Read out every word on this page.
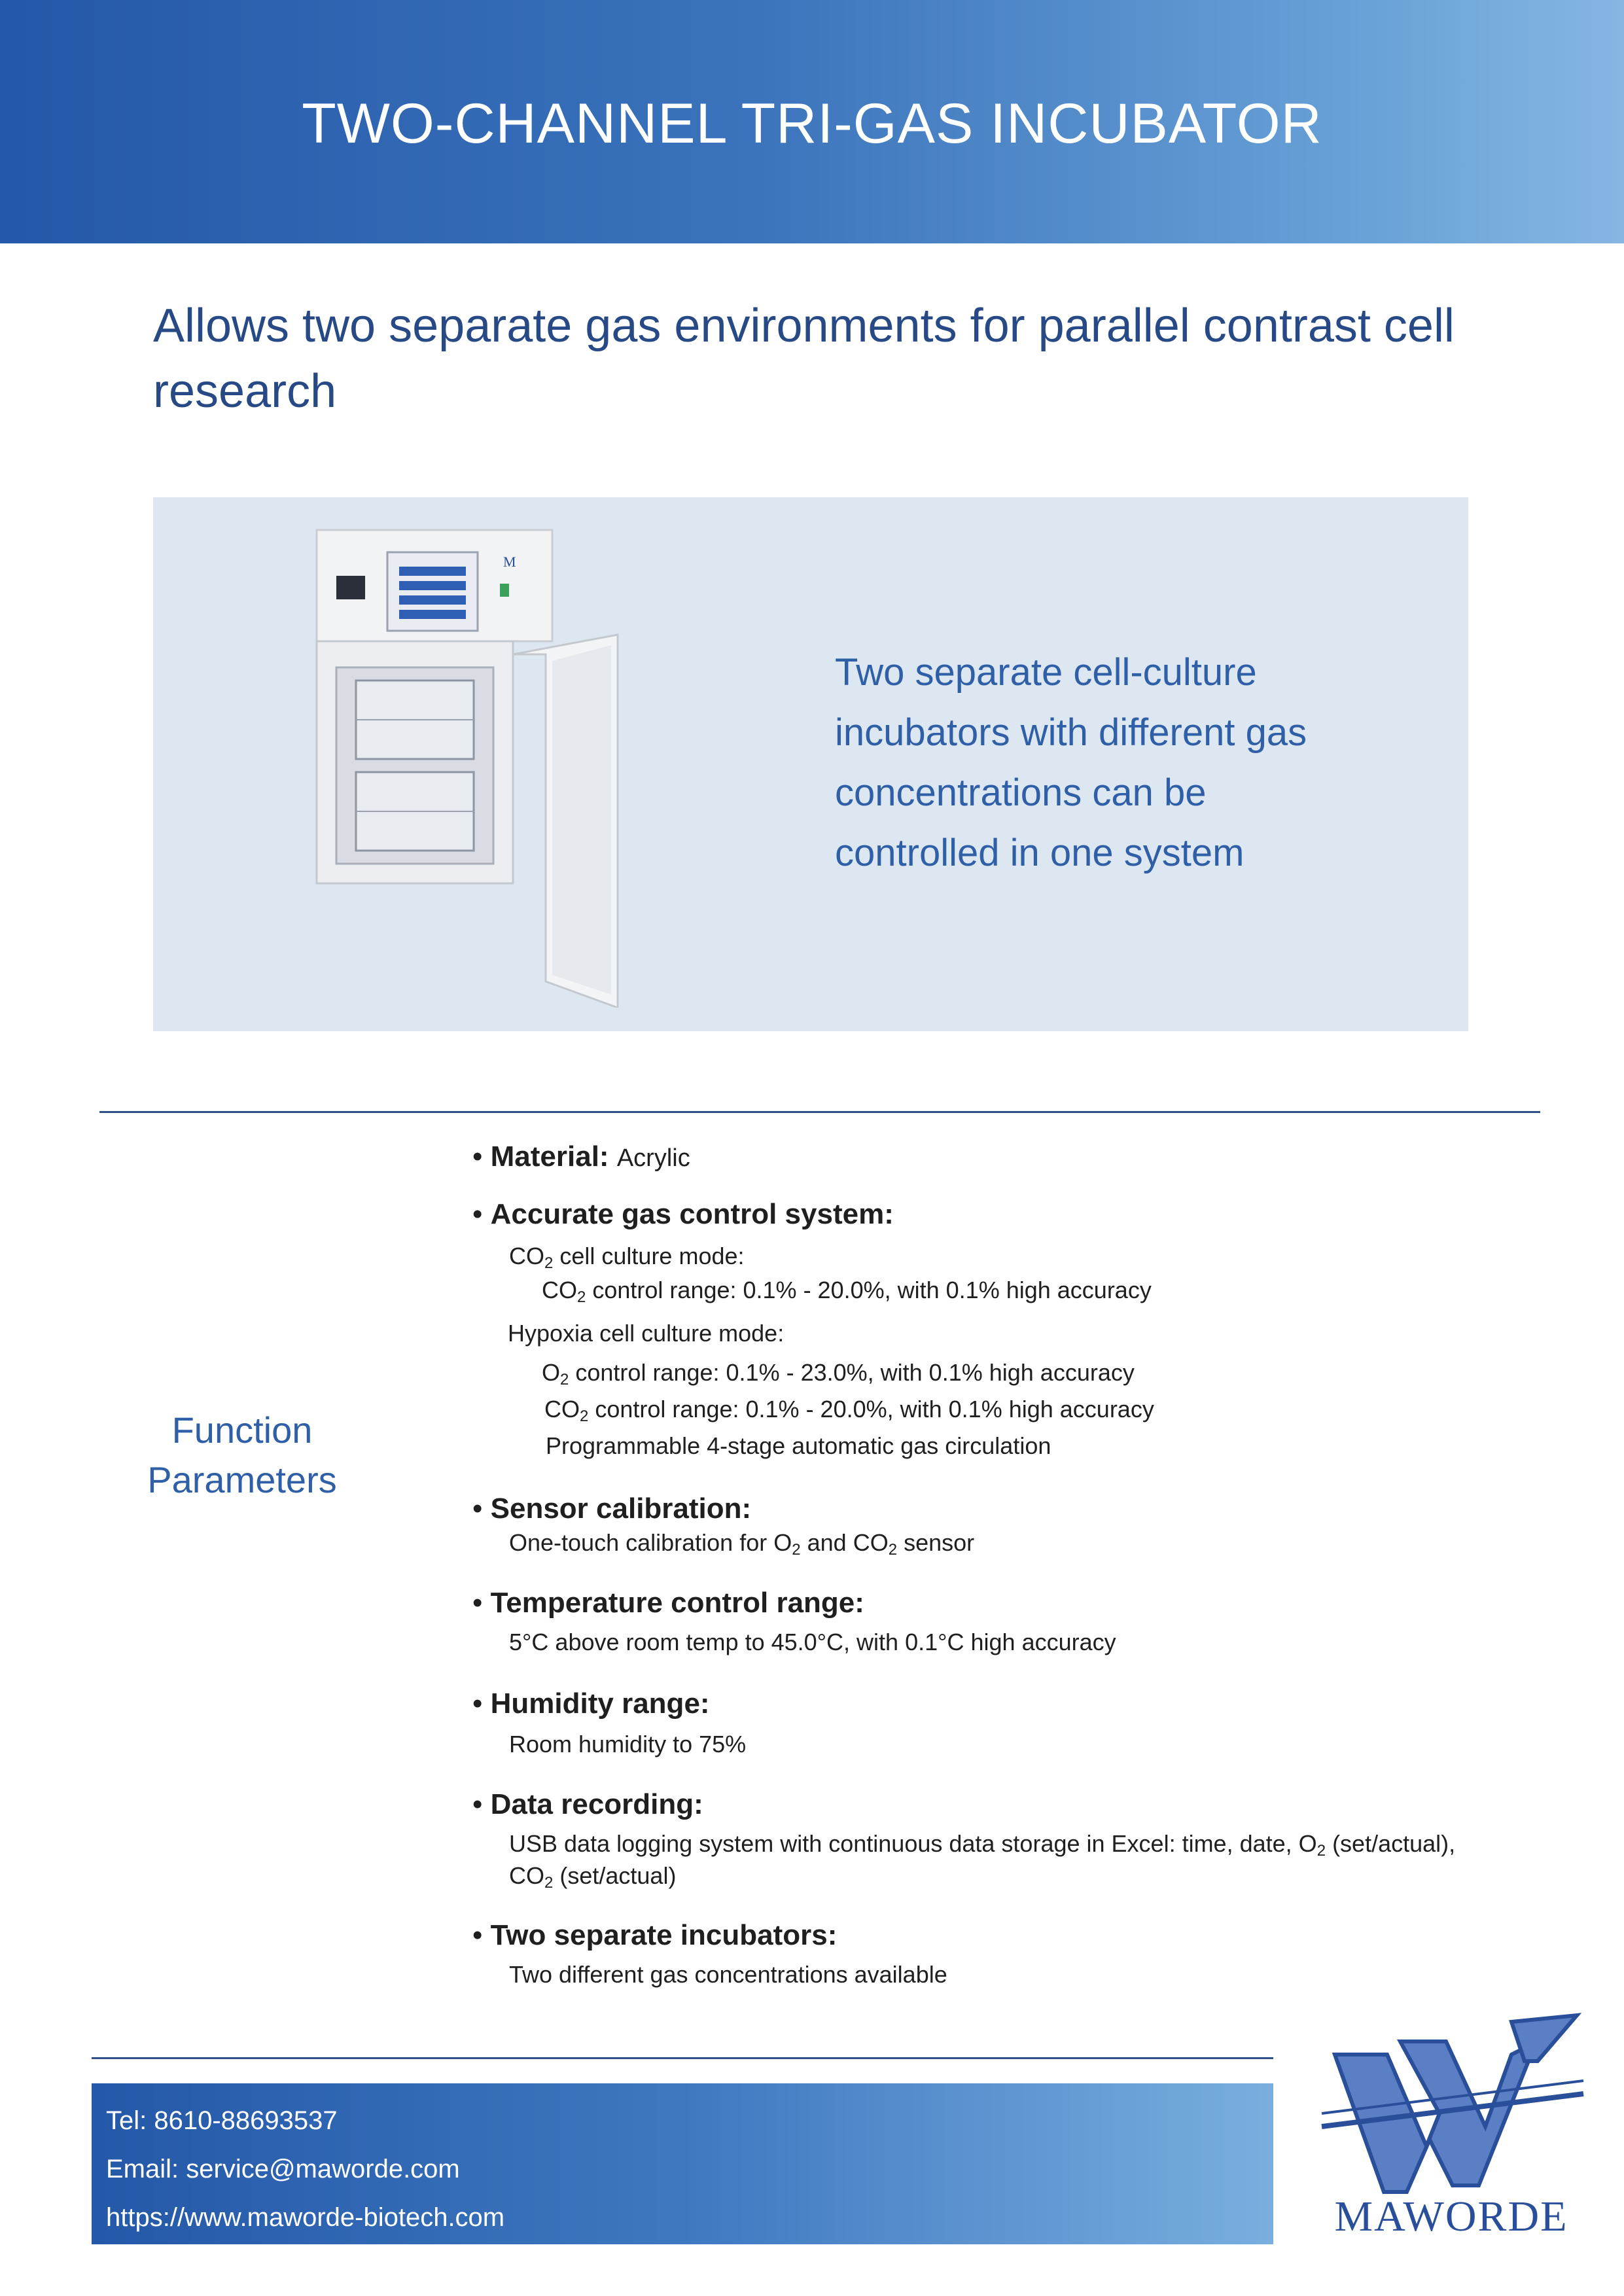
TWO-CHANNEL TRI-GAS INCUBATOR
Allows two separate gas environments for parallel contrast cell research
M
Two separate cell-culture
incubators with different gas
concentrations can be
controlled in one system
Function
Parameters
• Material: Acrylic
• Accurate gas control system:
$CO_2$ cell culture mode:
$CO_2$ control range: 0.1% - 20.0%, with 0.1% high accuracy
Hypoxia cell culture mode:
$O_2$ control range: 0.1% - 23.0%, with 0.1% high accuracy
$CO_2$ control range: 0.1% - 20.0%, with 0.1% high accuracy
Programmable 4-stage automatic gas circulation
• Sensor calibration:
One-touch calibration for $O_2$ and $CO_2$ sensor
• Temperature control range:
5°C above room temp to 45.0°C, with 0.1°C high accuracy
• Humidity range:
Room humidity to 75%
• Data recording:
USB data logging system with continuous data storage in Excel: time, date, $O_2$ (set/actual),
$CO_2$ (set/actual)
• Two separate incubators:
Two different gas concentrations available
Tel: 8610-88693537
Email: service@maworde.com
https://www.maworde-biotech.com	MAWORDE
